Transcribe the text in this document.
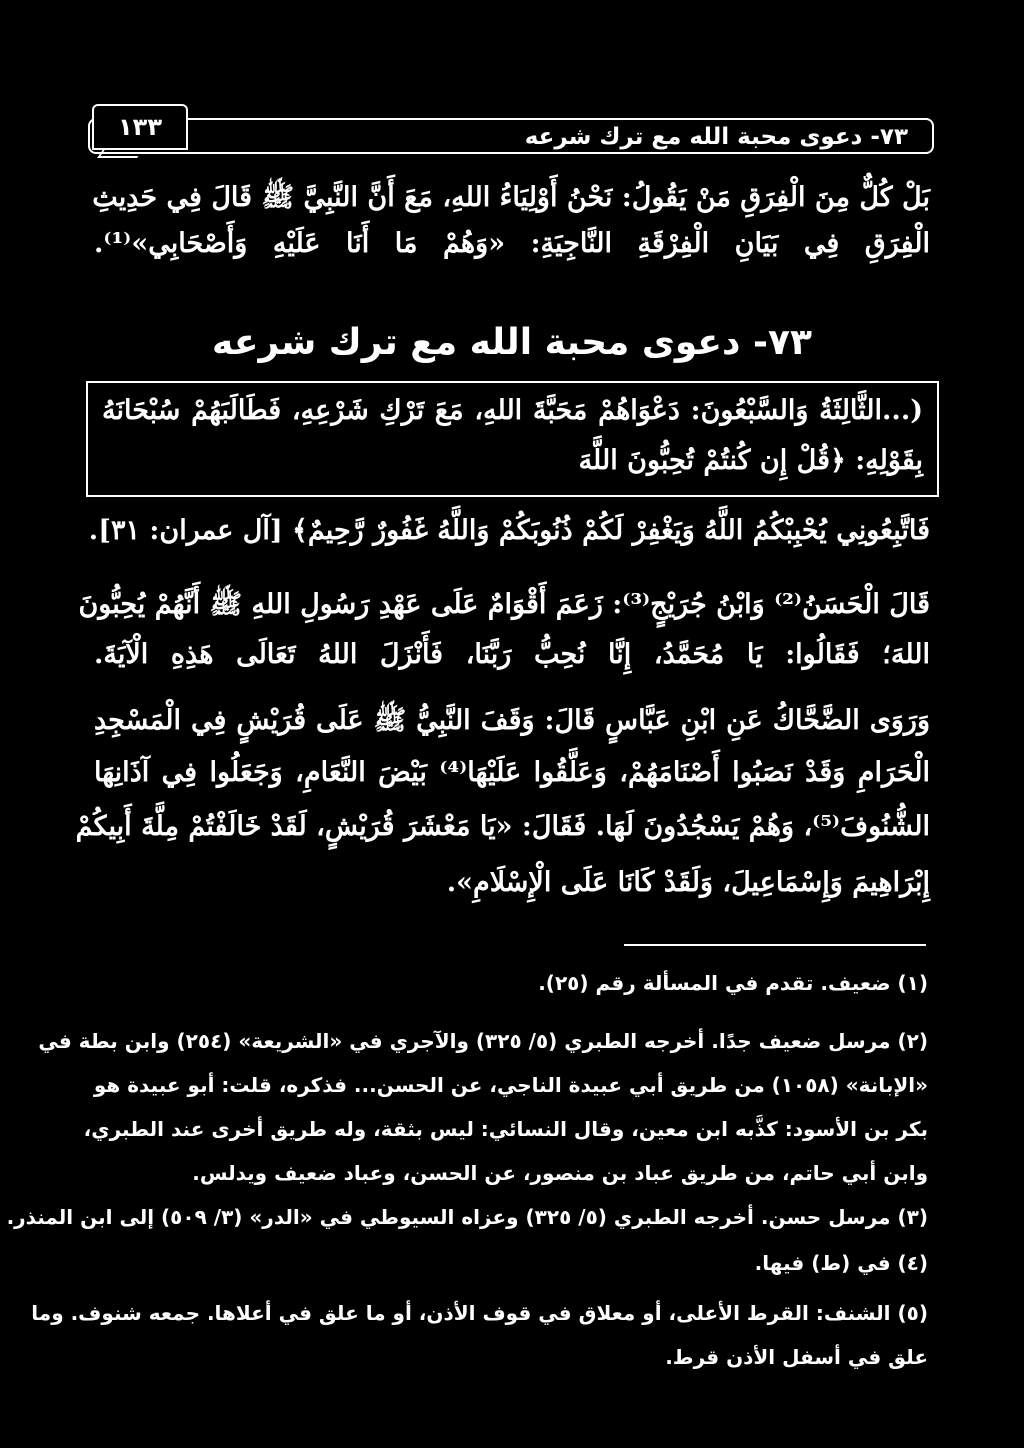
٧٣- دعوى محبة الله مع ترك شرعه
١٣٣
بَلْ كُلٌّ مِنَ الْفِرَقِ مَنْ يَقُولُ: نَحْنُ أَوْلِيَاءُ اللهِ، مَعَ أَنَّ النَّبِيَّ ﷺ قَالَ فِي حَدِيثِ
الْفِرَقِ فِي بَيَانِ الْفِرْقَةِ النَّاجِيَةِ: «وَهُمْ مَا أَنَا عَلَيْهِ وَأَصْحَابِي»⁽¹⁾.
٧٣- دعوى محبة الله مع ترك شرعه
(...الثَّالِثَةُ وَالسَّبْعُونَ: دَعْوَاهُمْ مَحَبَّةَ اللهِ، مَعَ تَرْكِ شَرْعِهِ، فَطَالَبَهُمْ سُبْحَانَهُ
بِقَوْلِهِ: ﴿قُلْ إِن كُنتُمْ تُحِبُّونَ اللَّهَ
فَاتَّبِعُونِي يُحْبِبْكُمُ اللَّهُ وَيَغْفِرْ لَكُمْ ذُنُوبَكُمْ وَاللَّهُ غَفُورٌ رَّحِيمٌ﴾ [آل عمران: ٣١].
قَالَ الْحَسَنُ⁽²⁾ وَابْنُ جُرَيْجٍ⁽³⁾: زَعَمَ أَقْوَامٌ عَلَى عَهْدِ رَسُولِ اللهِ ﷺ أَنَّهُمْ يُحِبُّونَ
اللهَ؛ فَقَالُوا: يَا مُحَمَّدُ، إِنَّا نُحِبُّ رَبَّنَا، فَأَنْزَلَ اللهُ تَعَالَى هَذِهِ الْآيَةَ.
وَرَوَى الضَّحَّاكُ عَنِ ابْنِ عَبَّاسٍ قَالَ: وَقَفَ النَّبِيُّ ﷺ عَلَى قُرَيْشٍ فِي الْمَسْجِدِ
الْحَرَامِ وَقَدْ نَصَبُوا أَصْنَامَهُمْ، وَعَلَّقُوا عَلَيْهَا⁽⁴⁾ بَيْضَ النَّعَامِ، وَجَعَلُوا فِي آذَانِهَا
الشُّنُوفَ⁽⁵⁾، وَهُمْ يَسْجُدُونَ لَهَا. فَقَالَ: «يَا مَعْشَرَ قُرَيْشٍ، لَقَدْ خَالَفْتُمْ مِلَّةَ أَبِيكُمْ
إِبْرَاهِيمَ وَإِسْمَاعِيلَ، وَلَقَدْ كَانَا عَلَى الْإِسْلَامِ».
(١) ضعيف. تقدم في المسألة رقم (٢٥).
(٢) مرسل ضعيف جدًا. أخرجه الطبري (٥/ ٣٢٥) والآجري في «الشريعة» (٢٥٤) وابن بطة في
«الإبانة» (١٠٥٨) من طريق أبي عبيدة الناجي، عن الحسن... فذكره، قلت: أبو عبيدة هو
بكر بن الأسود: كذَّبه ابن معين، وقال النسائي: ليس بثقة، وله طريق أخرى عند الطبري،
وابن أبي حاتم، من طريق عباد بن منصور، عن الحسن، وعباد ضعيف ويدلس.
(٣) مرسل حسن. أخرجه الطبري (٥/ ٣٢٥) وعزاه السيوطي في «الدر» (٣/ ٥٠٩) إلى ابن المنذر.
(٤) في (ط) فيها.
(٥) الشنف: القرط الأعلى، أو معلاق في قوف الأذن، أو ما علق في أعلاها. جمعه شنوف. وما
علق في أسفل الأذن قرط.
